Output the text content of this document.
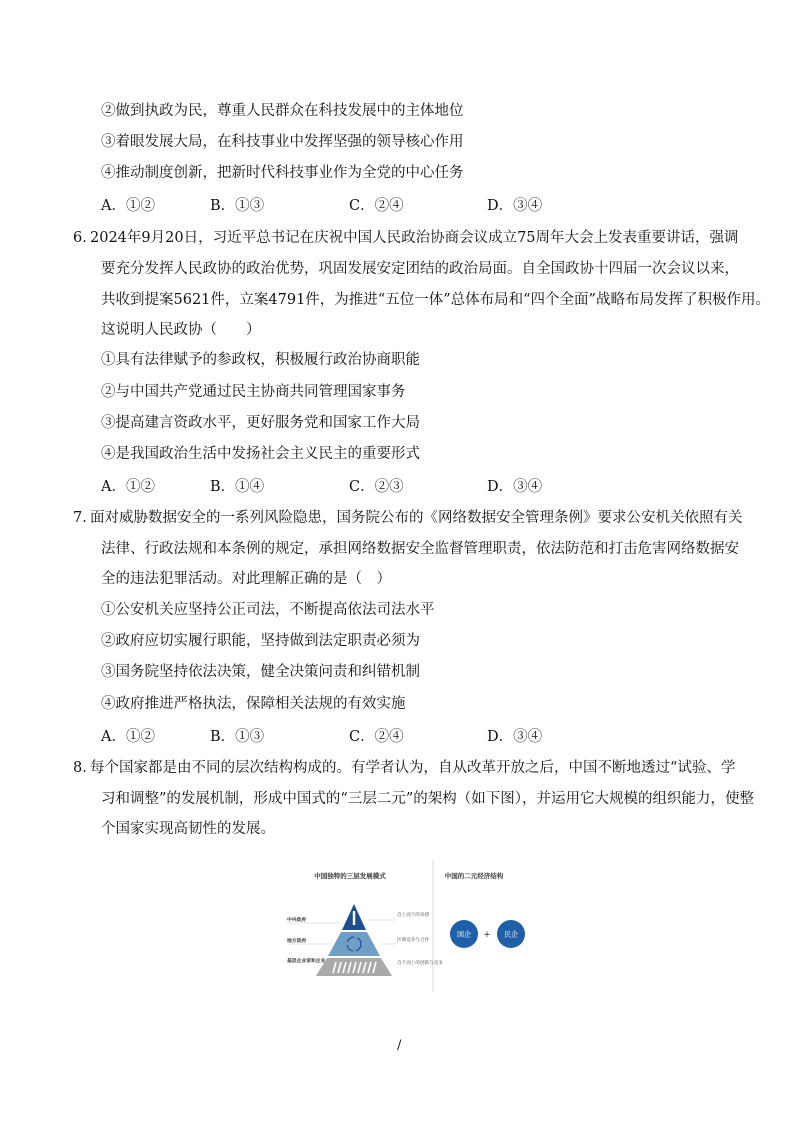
②做到执政为民，尊重人民群众在科技发展中的主体地位
③着眼发展大局，在科技事业中发挥坚强的领导核心作用
④推动制度创新，把新时代科技事业作为全党的中心任务
A．①②	B．①③	C．②④	D．③④
6．
2024年9月20日，习近平总书记在庆祝中国人民政治协商会议成立75周年大会上发表重要讲话，强调
要充分发挥人民政协的政治优势，巩固发展安定团结的政治局面。自全国政协十四届一次会议以来，
共收到提案5621件，立案4791件，为推进“五位一体”总体布局和“四个全面”战略布局发挥了积极作用。
这说明人民政协（　　）
①具有法律赋予的参政权，积极履行政治协商职能
②与中国共产党通过民主协商共同管理国家事务
③提高建言资政水平，更好服务党和国家工作大局
④是我国政治生活中发扬社会主义民主的重要形式
A．①②	B．①④	C．②③	D．③④
7．
面对威胁数据安全的一系列风险隐患，国务院公布的《网络数据安全管理条例》要求公安机关依照有关
法律、行政法规和本条例的规定，承担网络数据安全监督管理职责，依法防范和打击危害网络数据安
全的违法犯罪活动。对此理解正确的是（　）
①公安机关应坚持公正司法，不断提高依法司法水平
②政府应切实履行职能，坚持做到法定职责必须为
③国务院坚持依法决策，健全决策问责和纠错机制
④政府推进严格执法，保障相关法规的有效实施
A．①②	B．①③	C．②④	D．③④
8．
每个国家都是由不同的层次结构构成的。有学者认为，自从改革开放之后，中国不断地透过“试验、学
习和调整”的发展机制，形成中国式的“三层二元”的架构（如下图），并运用它大规模的组织能力，使整
个国家实现高韧性的发展。
中国独特的三层发展模式	中国的二元经济结构
中央政府
地方政府
基层企业家和企业
自上而下的举措
区域竞争与合作
自下而上的创新与竞争
国企 + 民企
/
